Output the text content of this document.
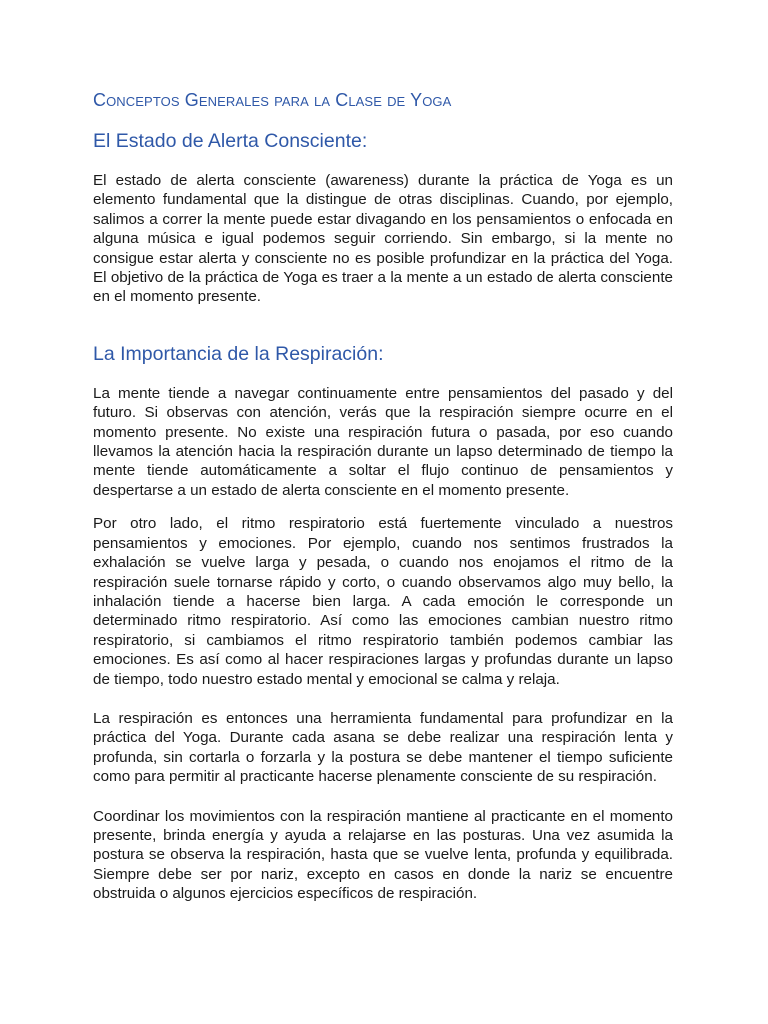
Conceptos Generales para la Clase de Yoga
El Estado de Alerta Consciente:

El estado de alerta consciente (awareness) durante la práctica de Yoga es un elemento fundamental que la distingue de otras disciplinas. Cuando, por ejemplo, salimos a correr la mente puede estar divagando en los pensamientos o enfocada en alguna música e igual podemos seguir corriendo. Sin embargo, si la mente no consigue estar alerta y consciente no es posible profundizar en la práctica del Yoga. El objetivo de la práctica de Yoga es traer a la mente a un estado de alerta consciente en el momento presente.

La Importancia de la Respiración:

La mente tiende a navegar continuamente entre pensamientos del pasado y del futuro. Si observas con atención, verás que la respiración siempre ocurre en el momento presente. No existe una respiración futura o pasada, por eso cuando llevamos la atención hacia la respiración durante un lapso determinado de tiempo la mente tiende automáticamente a soltar el flujo continuo de pensamientos y despertarse a un estado de alerta consciente en el momento presente.

Por otro lado, el ritmo respiratorio está fuertemente vinculado a nuestros pensamientos y emociones. Por ejemplo, cuando nos sentimos frustrados la exhalación se vuelve larga y pesada, o cuando nos enojamos el ritmo de la respiración suele tornarse rápido y corto, o cuando observamos algo muy bello, la inhalación tiende a hacerse bien larga. A cada emoción le corresponde un determinado ritmo respiratorio. Así como las emociones cambian nuestro ritmo respiratorio, si cambiamos el ritmo respiratorio también podemos cambiar las emociones. Es así como al hacer respiraciones largas y profundas durante un lapso de tiempo, todo nuestro estado mental y emocional se calma y relaja.

La respiración es entonces una herramienta fundamental para profundizar en la práctica del Yoga. Durante cada asana se debe realizar una respiración lenta y profunda, sin cortarla o forzarla y la postura se debe mantener el tiempo suficiente como para permitir al practicante hacerse plenamente consciente de su respiración.

Coordinar los movimientos con la respiración mantiene al practicante en el momento presente, brinda energía y ayuda a relajarse en las posturas. Una vez asumida la postura se observa la respiración, hasta que se vuelve lenta, profunda y equilibrada. Siempre debe ser por nariz, excepto en casos en donde la nariz se encuentre obstruida o algunos ejercicios específicos de respiración.
